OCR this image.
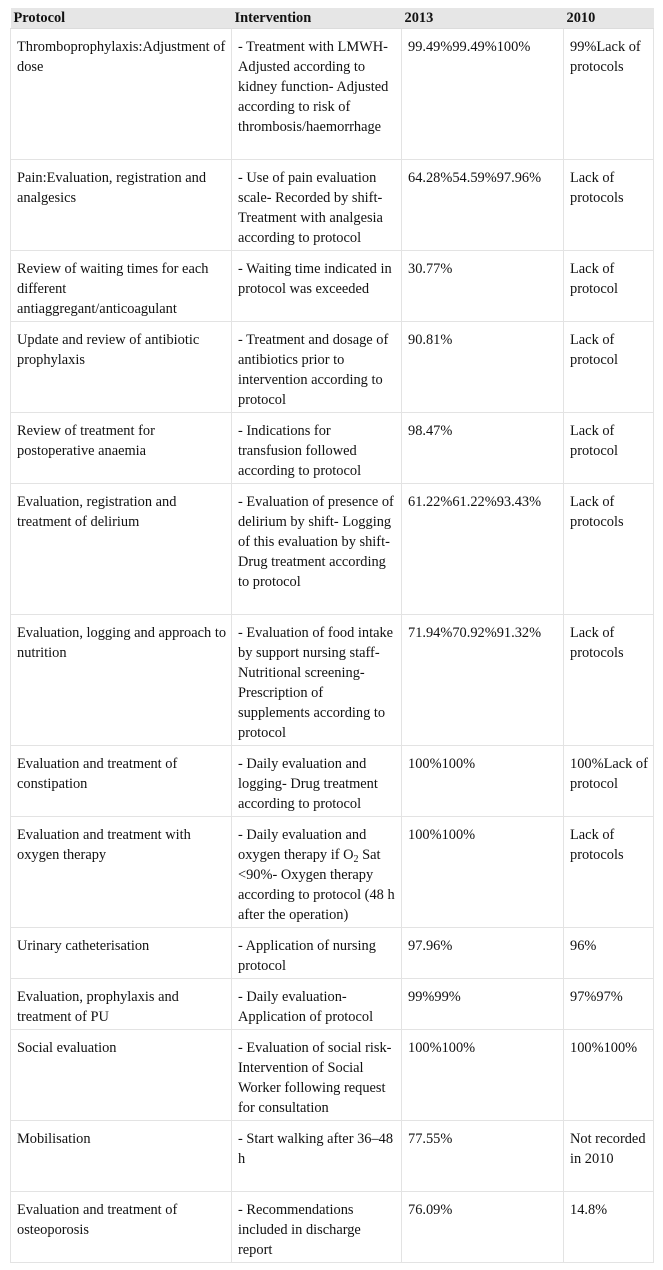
Protocol	Intervention	2013	2010
Thromboprophylaxis:Adjustment of dose	- Treatment with LMWH- Adjusted according to kidney function- Adjusted according to risk of thrombosis/haemorrhage	99.49%99.49%100%	99%Lack of protocols
Pain:Evaluation, registration and analgesics	- Use of pain evaluation scale- Recorded by shift- Treatment with analgesia according to protocol	64.28%54.59%97.96%	Lack of protocols
Review of waiting times for each different antiaggregant/anticoagulant	- Waiting time indicated in protocol was exceeded	30.77%	Lack of protocol
Update and review of antibiotic prophylaxis	- Treatment and dosage of antibiotics prior to intervention according to protocol	90.81%	Lack of protocol
Review of treatment for postoperative anaemia	- Indications for transfusion followed according to protocol	98.47%	Lack of protocol
Evaluation, registration and treatment of delirium	- Evaluation of presence of delirium by shift- Logging of this evaluation by shift- Drug treatment according to protocol	61.22%61.22%93.43%	Lack of protocols
Evaluation, logging and approach to nutrition	- Evaluation of food intake by support nursing staff- Nutritional screening- Prescription of supplements according to protocol	71.94%70.92%91.32%	Lack of protocols
Evaluation and treatment of constipation	- Daily evaluation and logging- Drug treatment according to protocol	100%100%	100%Lack of protocol
Evaluation and treatment with oxygen therapy	- Daily evaluation and oxygen therapy if $O_2$ Sat <90%- Oxygen therapy according to protocol (48 h after the operation)	100%100%	Lack of protocols
Urinary catheterisation	- Application of nursing protocol	97.96%	96%
Evaluation, prophylaxis and treatment of PU	- Daily evaluation- Application of protocol	99%99%	97%97%
Social evaluation	- Evaluation of social risk- Intervention of Social Worker following request for consultation	100%100%	100%100%
Mobilisation	- Start walking after 36–48 h	77.55%	Not recorded in 2010
Evaluation and treatment of osteoporosis	- Recommendations included in discharge report	76.09%	14.8%
